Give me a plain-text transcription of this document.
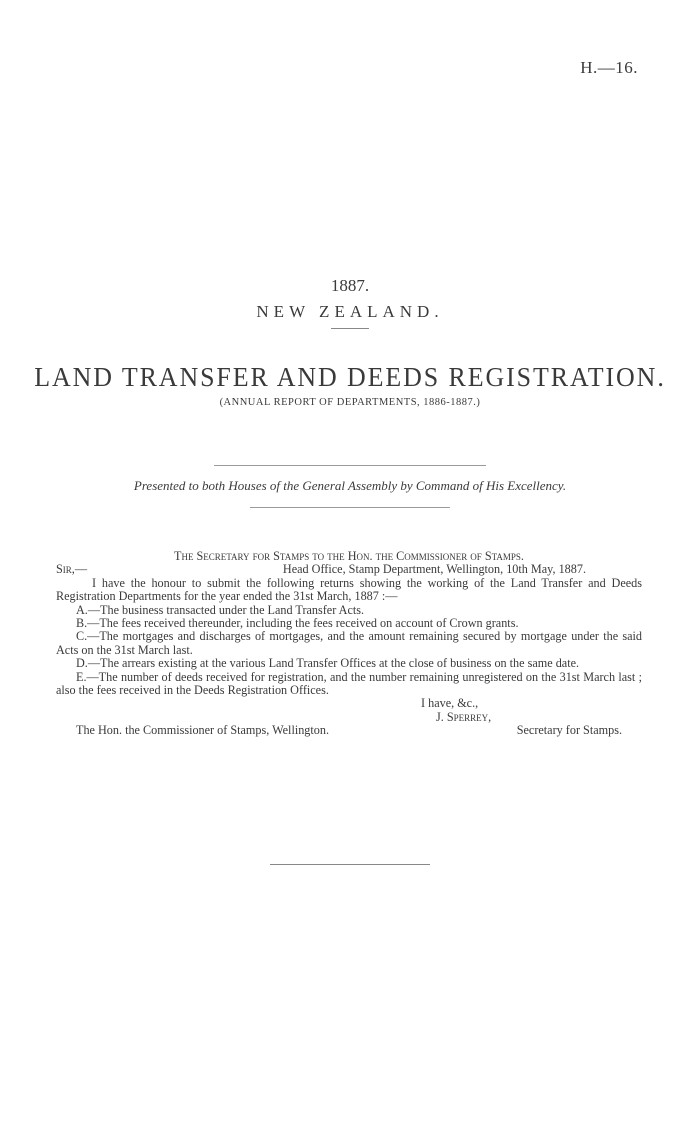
H.—16.
1887.
NEW ZEALAND.
LAND TRANSFER AND DEEDS REGISTRATION.
(ANNUAL REPORT OF DEPARTMENTS, 1886-1887.)
Presented to both Houses of the General Assembly by Command of His Excellency.

The Secretary for Stamps to the Hon. the Commissioner of Stamps.

Sir,—	Head Office, Stamp Department, Wellington, 10th May, 1887.

I have the honour to submit the following returns showing the working of the Land Transfer and Deeds Registration Departments for the year ended the 31st March, 1887 :—

A.—The business transacted under the Land Transfer Acts.

B.—The fees received thereunder, including the fees received on account of Crown grants.

C.—The mortgages and discharges of mortgages, and the amount remaining secured by mortgage under the said Acts on the 31st March last.

D.—The arrears existing at the various Land Transfer Offices at the close of business on the same date.

E.—The number of deeds received for registration, and the number remaining unregistered on the 31st March last ; also the fees received in the Deeds Registration Offices.

I have, &c.,

J. Sperrey,

The Hon. the Commissioner of Stamps, Wellington.	Secretary for Stamps.
